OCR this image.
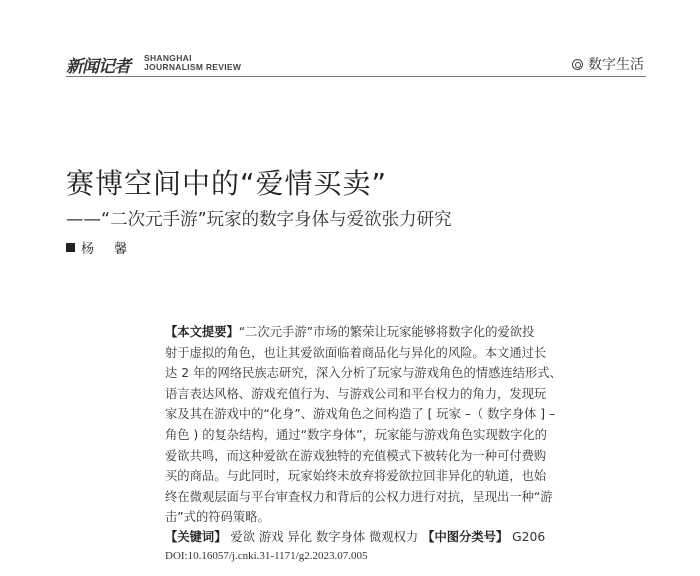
新闻记者 SHANGHAI
JOURNALISM REVIEW	数字生活
赛博空间中的“爱情买卖”
——“二次元手游”玩家的数字身体与爱欲张力研究
杨 馨
【本文提要】“二次元手游”市场的繁荣让玩家能够将数字化的爱欲投
射于虚拟的角色，也让其爱欲面临着商品化与异化的风险。本文通过长
达 2 年的网络民族志研究，深入分析了玩家与游戏角色的情感连结形式、
语言表达风格、游戏充值行为、与游戏公司和平台权力的角力，发现玩
家及其在游戏中的“化身”、游戏角色之间构造了 [ 玩家 –（ 数字身体 ] –
角色 ) 的复杂结构，通过“数字身体”，玩家能与游戏角色实现数字化的
爱欲共鸣，而这种爱欲在游戏独特的充值模式下被转化为一种可付费购
买的商品。与此同时，玩家始终未放弃将爱欲拉回非异化的轨道，也始
终在微观层面与平台审查权力和背后的公权力进行对抗，呈现出一种“游
击”式的符码策略。
【关键词】 爱欲 游戏 异化 数字身体 微观权力 【中图分类号】 G206
DOI:10.16057/j.cnki.31-1171/g2.2023.07.005
